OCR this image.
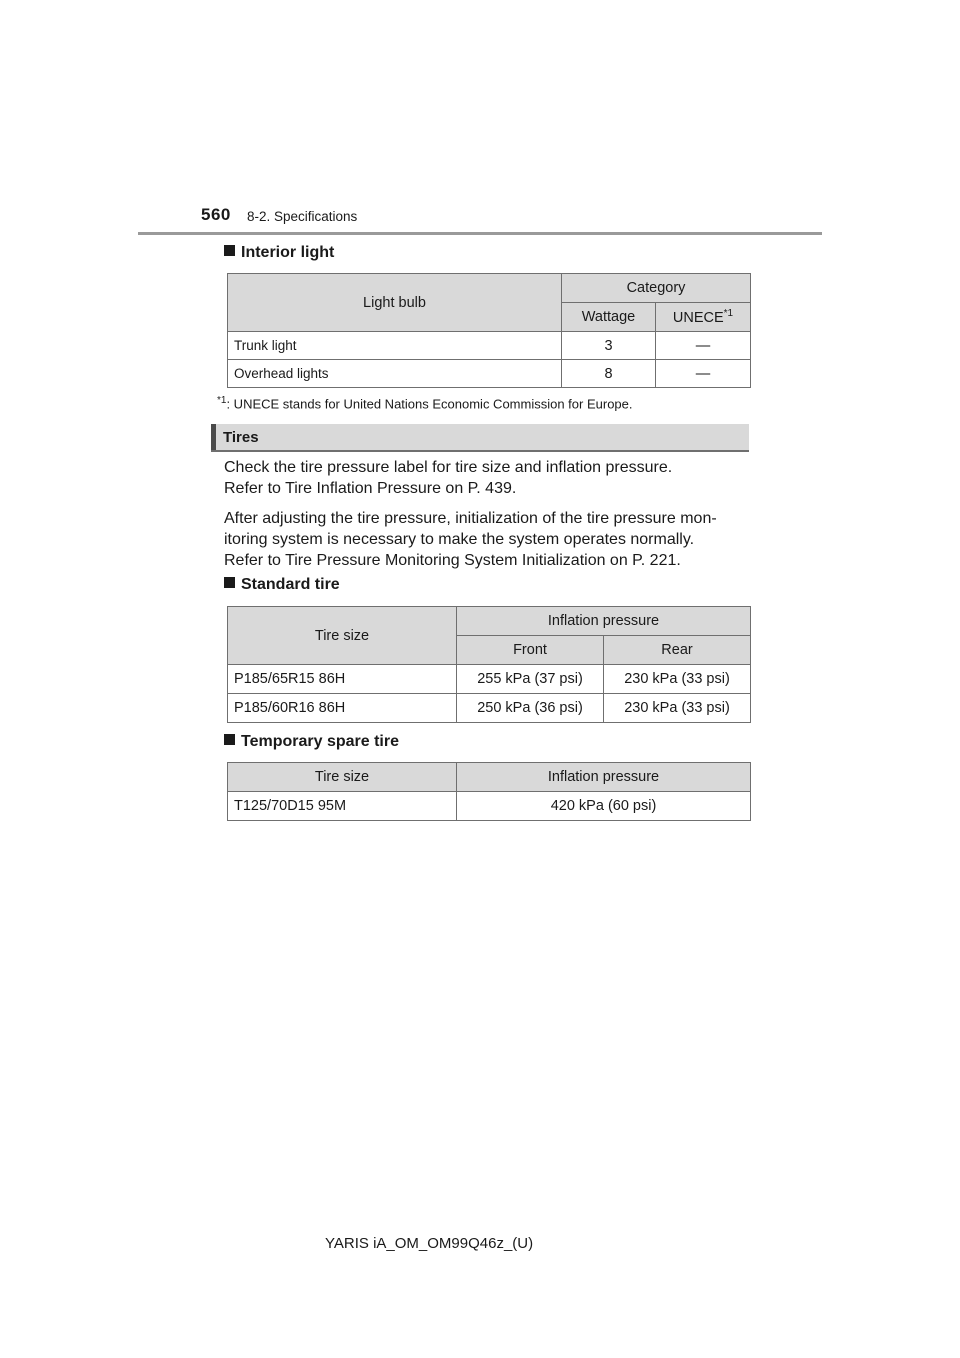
560 8-2. Specifications
Interior light
Light bulb	Category	
	Wattage	UNECE$^{*1}$
Trunk light	3	—
Overhead lights	8	—
$^{*1}$: UNECE stands for United Nations Economic Commission for Europe.
Tires
Check the tire pressure label for tire size and inflation pressure.
Refer to Tire Inflation Pressure on P. 439.
After adjusting the tire pressure, initialization of the tire pressure mon-
itoring system is necessary to make the system operates normally.
Refer to Tire Pressure Monitoring System Initialization on P. 221.
Standard tire
Tire size	Inflation pressure	
	Front	Rear
P185/65R15 86H	255 kPa (37 psi)	230 kPa (33 psi)
P185/60R16 86H	250 kPa (36 psi)	230 kPa (33 psi)
Temporary spare tire
Tire size	Inflation pressure
T125/70D15 95M	420 kPa (60 psi)
YARIS iA_OM_OM99Q46z_(U)
